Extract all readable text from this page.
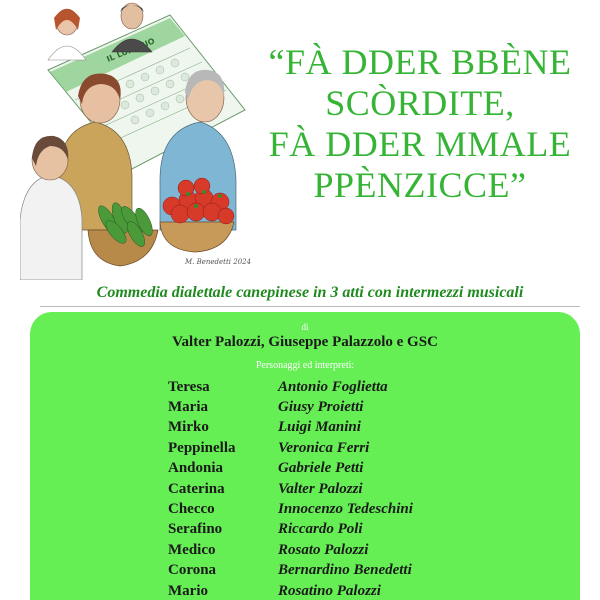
IL
M. Benedetti 2024
“FÀ DDER BBÈNE
SCÒRDITE,
FÀ DDER MMALE
PPÈNZICCE”
Commedia dialettale canepinese in 3 atti con intermezzi musicali
di
Valter Palozzi, Giuseppe Palazzolo e GSC
Personaggi ed interpreti:
Teresa	Antonio Foglietta
Maria	Giusy Proietti
Mirko	Luigi Manini
Peppinella	Veronica Ferri
Andonia	Gabriele Petti
Caterina	Valter Palozzi
Checco	Innocenzo Tedeschini
Serafino	Riccardo Poli
Medico	Rosato Palozzi
Corona	Bernardino Benedetti
Mario	Rosatino Palozzi
